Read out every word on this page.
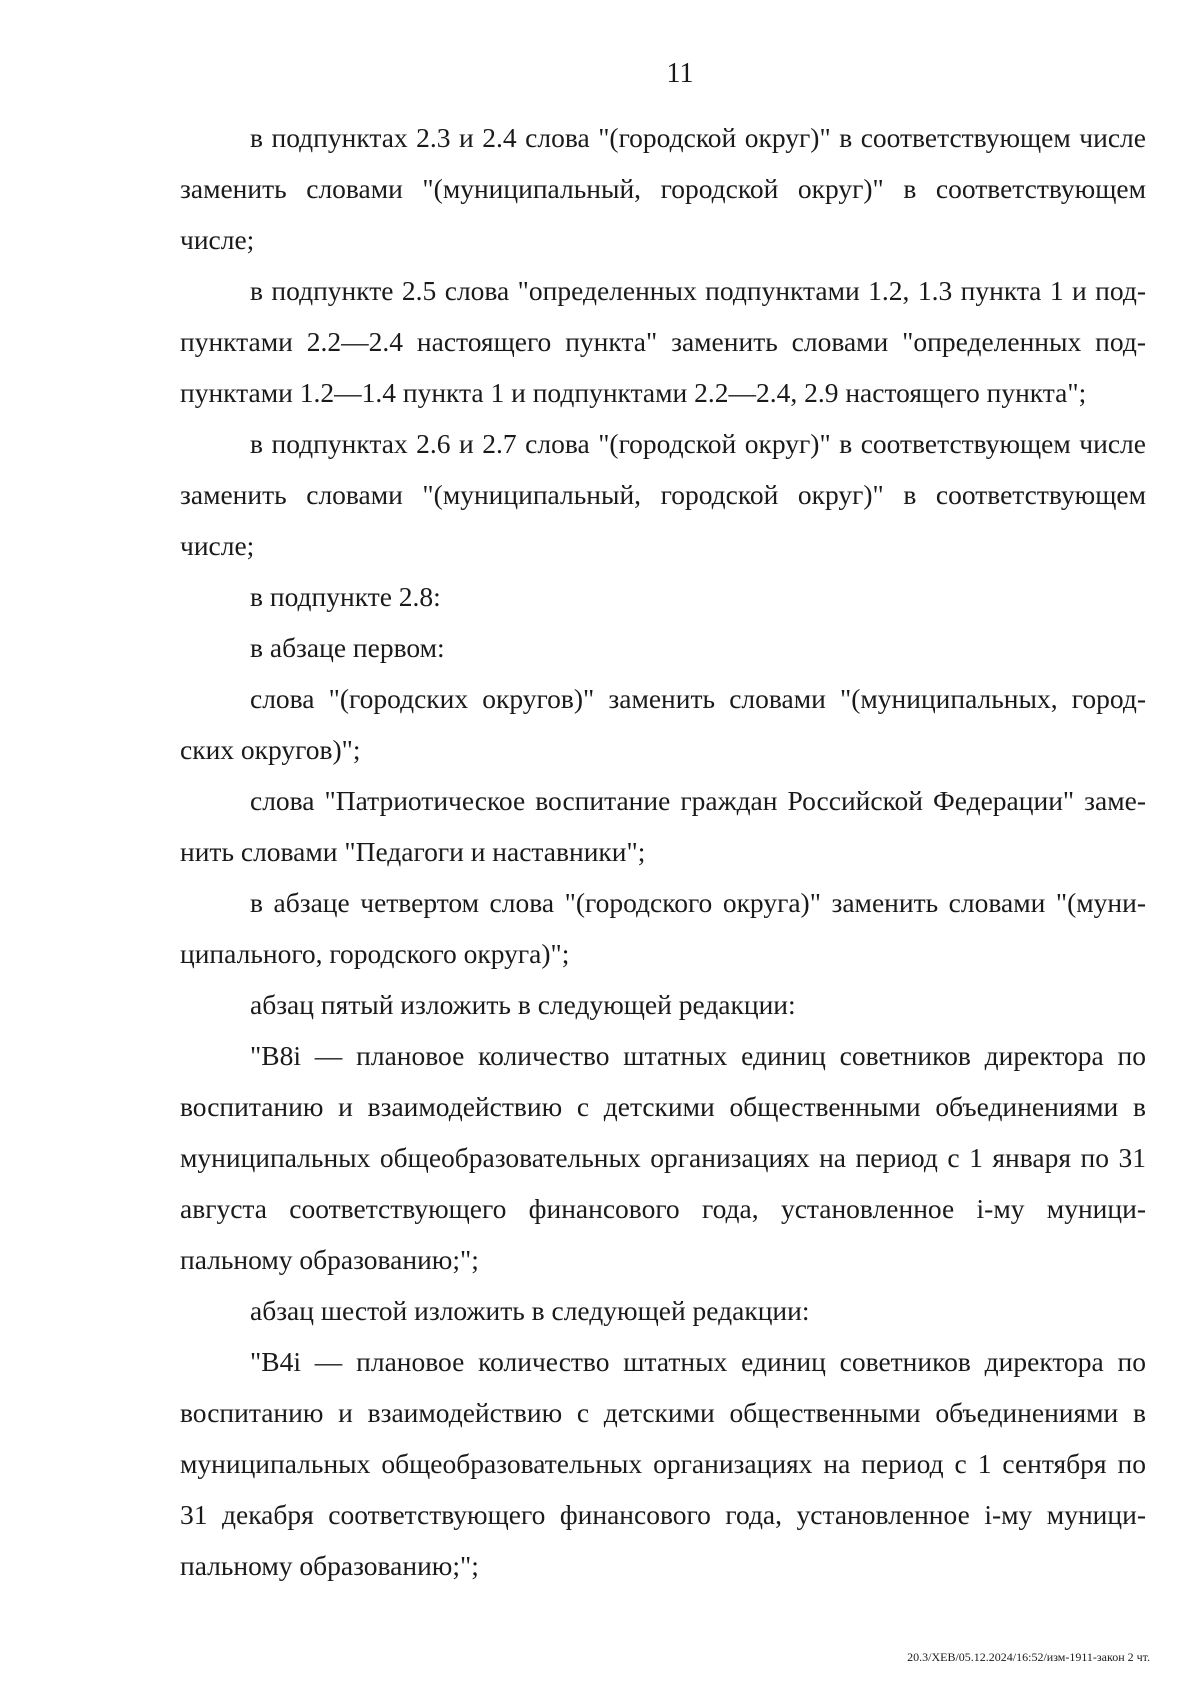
11

в подпунктах 2.3 и 2.4 слова "(городской округ)" в соответствующем числе заменить словами "(муниципальный, городской округ)" в соответствующем числе;

в подпункте 2.5 слова "определенных подпунктами 1.2, 1.3 пункта 1 и подпунктами 2.2—2.4 настоящего пункта" заменить словами "определенных подпунктами 1.2—1.4 пункта 1 и подпунктами 2.2—2.4, 2.9 настоящего пункта";

в подпунктах 2.6 и 2.7 слова "(городской округ)" в соответствующем числе заменить словами "(муниципальный, городской округ)" в соответствующем числе;

в подпункте 2.8:

в абзаце первом:

слова "(городских округов)" заменить словами "(муниципальных, городских округов)";

слова "Патриотическое воспитание граждан Российской Федерации" заменить словами "Педагоги и наставники";

в абзаце четвертом слова "(городского округа)" заменить словами "(муниципального, городского округа)";

абзац пятый изложить в следующей редакции:

"B8i — плановое количество штатных единиц советников директора по воспитанию и взаимодействию с детскими общественными объединениями в муниципальных общеобразовательных организациях на период с 1 января по 31 августа соответствующего финансового года, установленное i-му муниципальному образованию;";

абзац шестой изложить в следующей редакции:

"B4i — плановое количество штатных единиц советников директора по воспитанию и взаимодействию с детскими общественными объединениями в муниципальных общеобразовательных организациях на период с 1 сентября по 31 декабря соответствующего финансового года, установленное i-му муниципальному образованию;";

20.3/ХЕВ/05.12.2024/16:52/изм-1911-закон 2 чт.
